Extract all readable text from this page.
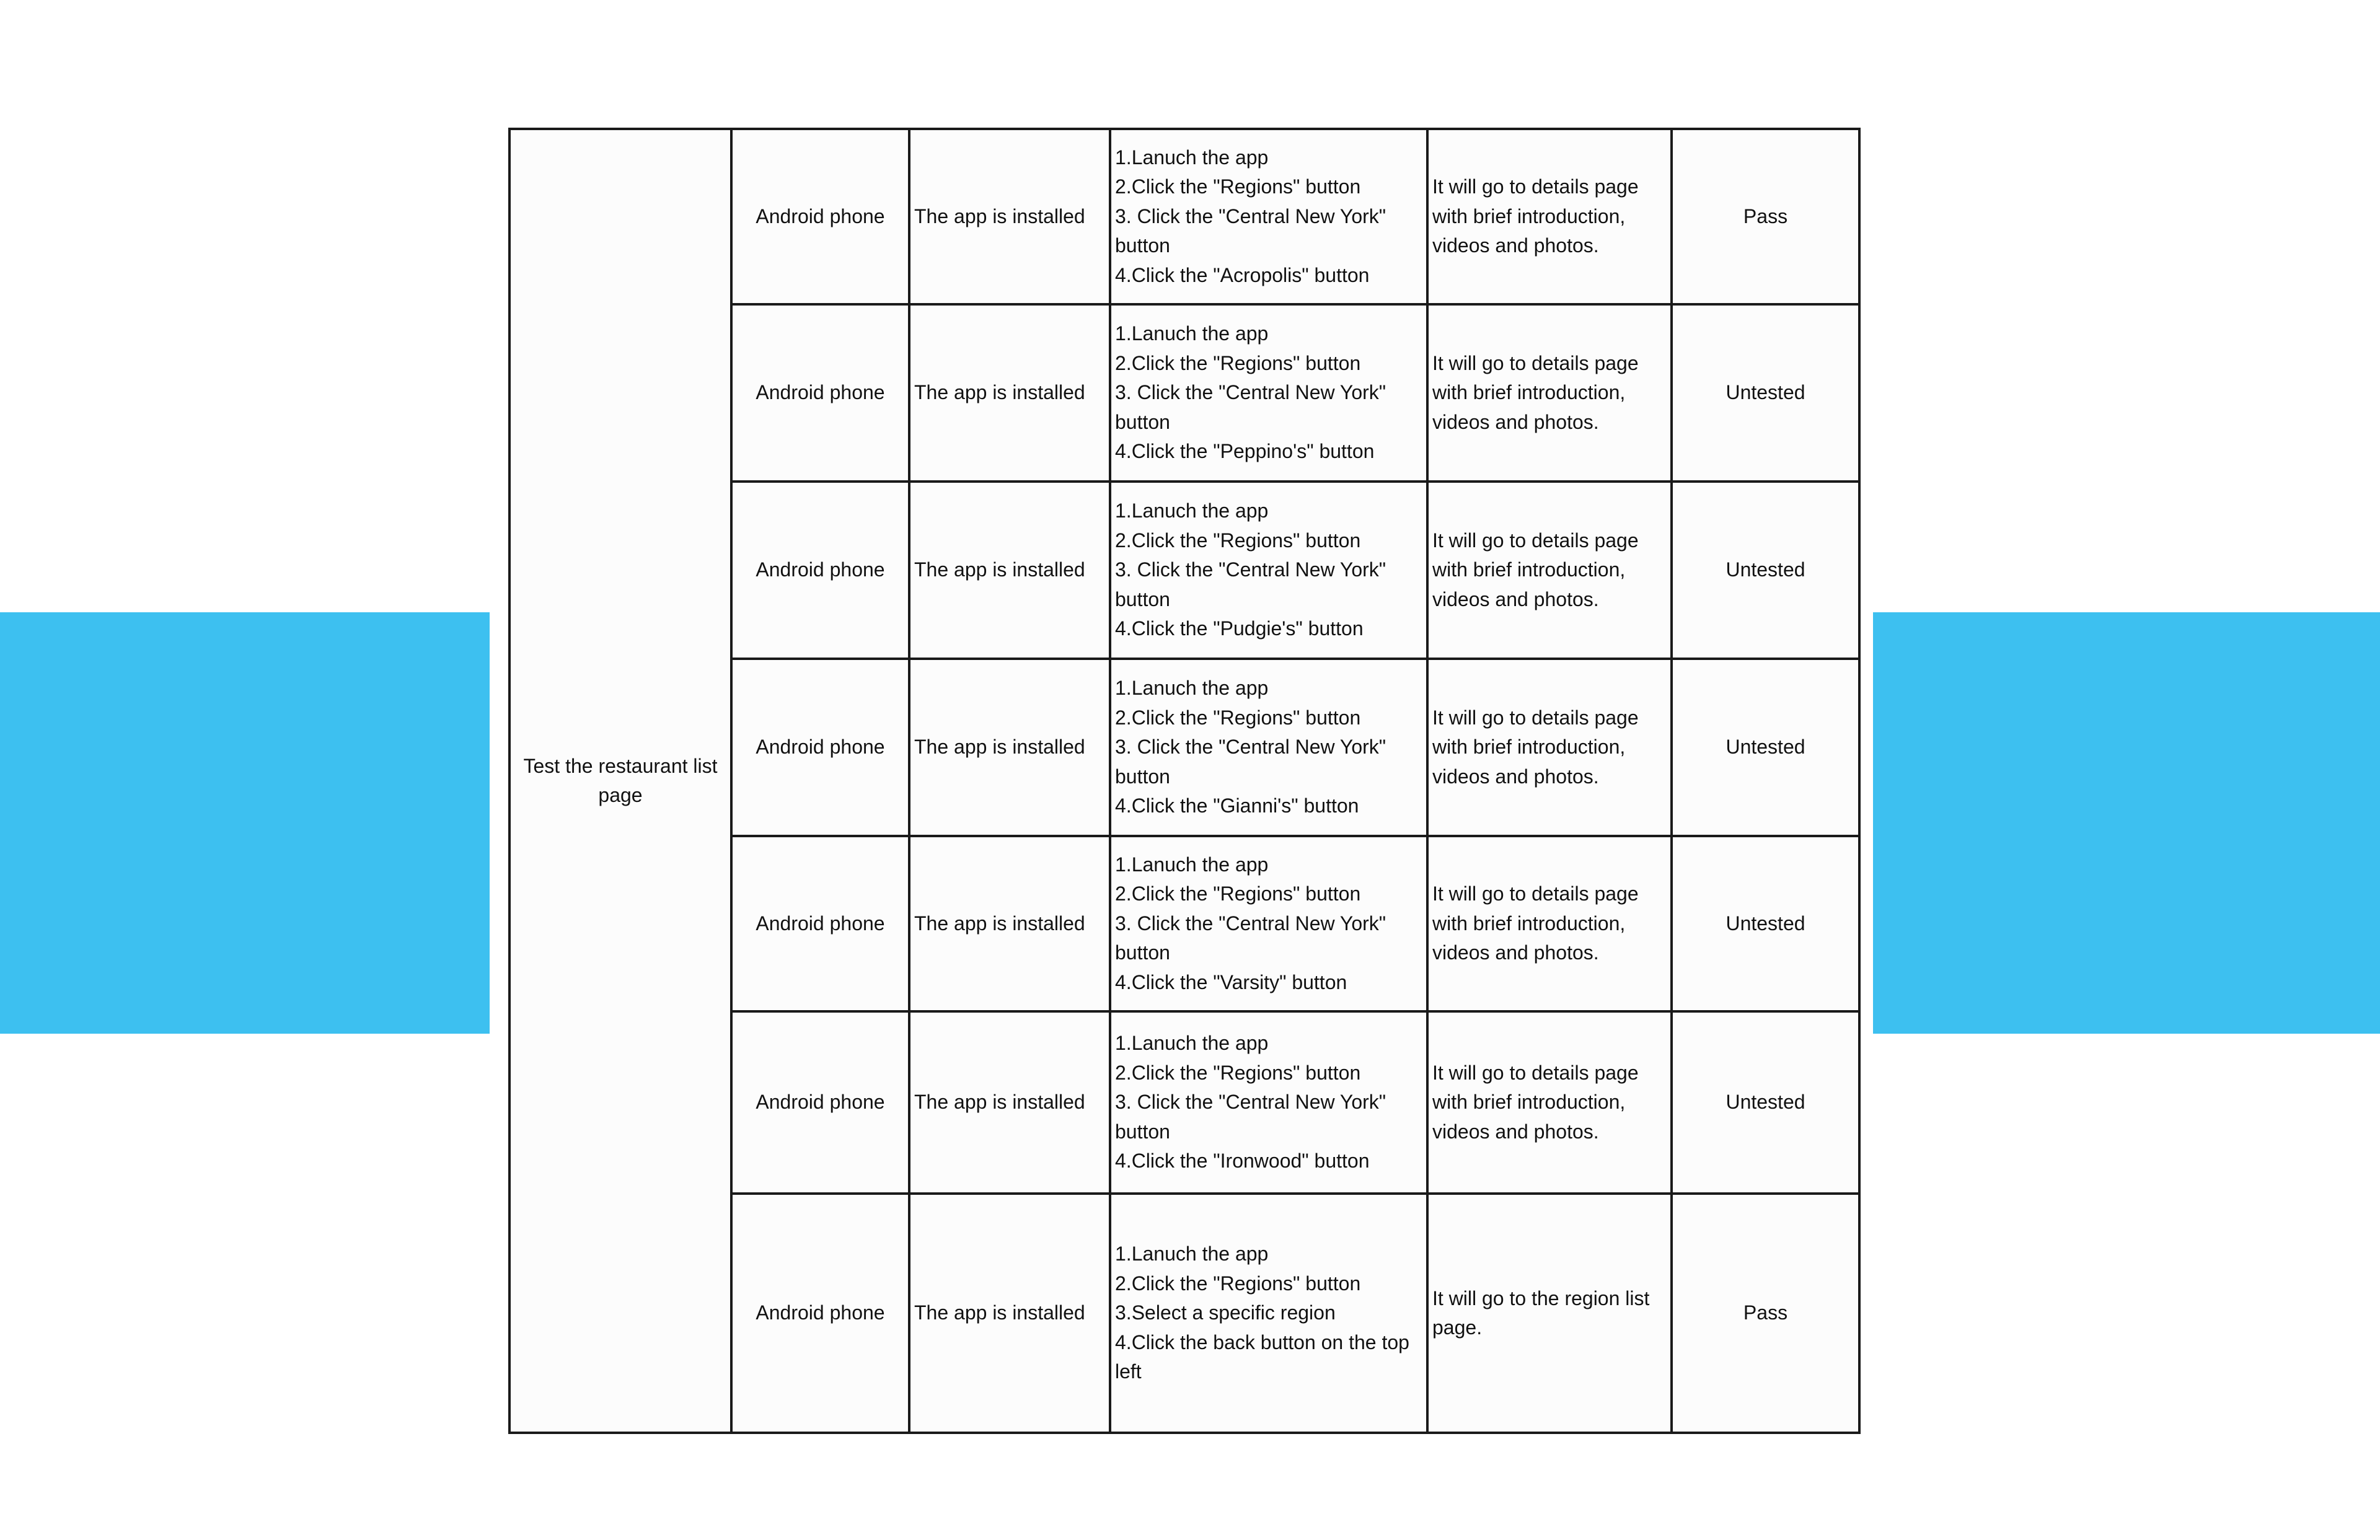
Test the restaurant list page	Android phone	The app is installed	1.Lanuch the app
2.Click the "Regions" button
3. Click the "Central New York" button
4.Click the "Acropolis" button	It will go to details page with brief introduction, videos and photos.	Pass
	Android phone	The app is installed	1.Lanuch the app
2.Click the "Regions" button
3. Click the "Central New York" button
4.Click the "Peppino's" button	It will go to details page with brief introduction, videos and photos.	Untested
	Android phone	The app is installed	1.Lanuch the app
2.Click the "Regions" button
3. Click the "Central New York" button
4.Click the "Pudgie's" button	It will go to details page with brief introduction, videos and photos.	Untested
	Android phone	The app is installed	1.Lanuch the app
2.Click the "Regions" button
3. Click the "Central New York" button
4.Click the "Gianni's" button	It will go to details page with brief introduction, videos and photos.	Untested
	Android phone	The app is installed	1.Lanuch the app
2.Click the "Regions" button
3. Click the "Central New York" button
4.Click the "Varsity" button	It will go to details page with brief introduction, videos and photos.	Untested
	Android phone	The app is installed	1.Lanuch the app
2.Click the "Regions" button
3. Click the "Central New York" button
4.Click the "Ironwood" button	It will go to details page with brief introduction, videos and photos.	Untested
	Android phone	The app is installed	1.Lanuch the app
2.Click the "Regions" button
3.Select a specific region
4.Click the back button on the top left	It will go to the region list page.	Pass
